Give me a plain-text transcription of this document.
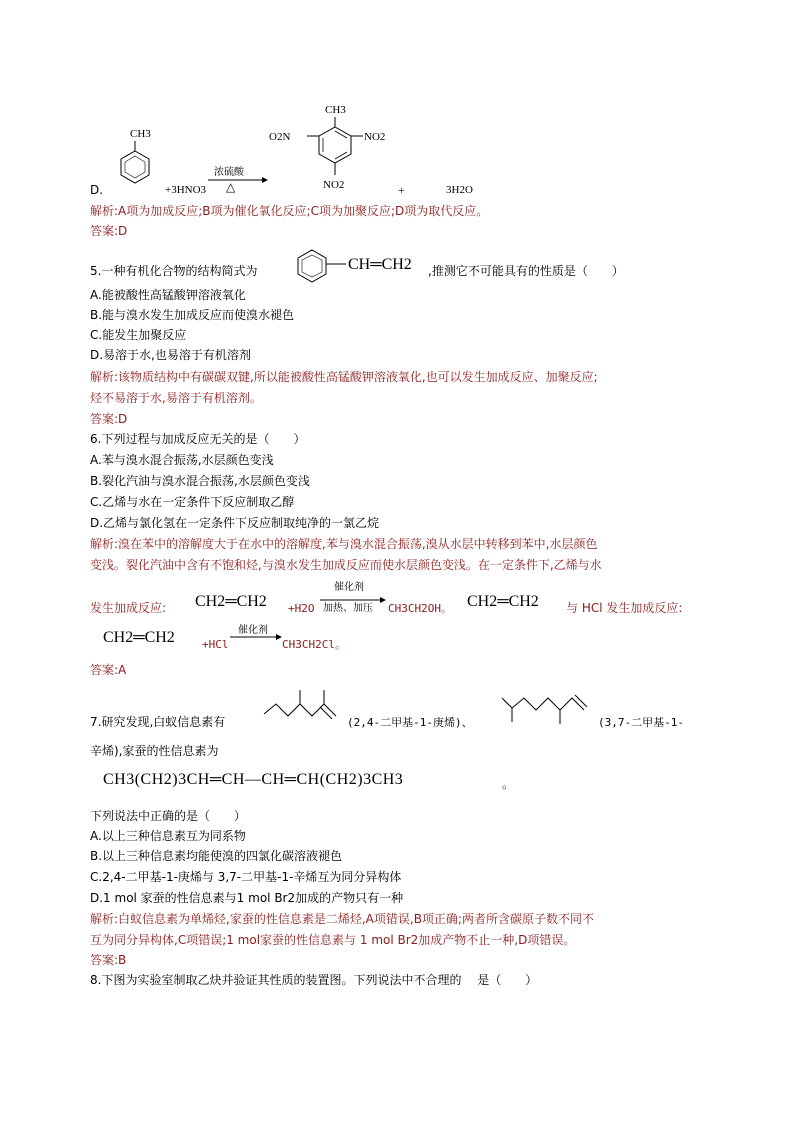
D.
CH3
+3HNO3
浓硫酸
△
CH3
O2N	NO2
NO2	+	3H2O
解析:A项为加成反应;B项为催化氧化反应;C项为加聚反应;D项为取代反应。
答案:D
5.一种有机化合物的结构简式为	CH═CH2 ,推测它不可能具有的性质是（　　）
A.能被酸性高锰酸钾溶液氧化
B.能与溴水发生加成反应而使溴水褪色
C.能发生加聚反应
D.易溶于水,也易溶于有机溶剂
解析:该物质结构中有碳碳双键,所以能被酸性高锰酸钾溶液氧化,也可以发生加成反应、加聚反应;
烃不易溶于水,易溶于有机溶剂。
答案:D
6.下列过程与加成反应无关的是（　　）
A.苯与溴水混合振荡,水层颜色变浅
B.裂化汽油与溴水混合振荡,水层颜色变浅
C.乙烯与水在一定条件下反应制取乙醇
D.乙烯与氯化氢在一定条件下反应制取纯净的一氯乙烷
解析:溴在苯中的溶解度大于在水中的溶解度,苯与溴水混合振荡,溴从水层中转移到苯中,水层颜色
变浅。裂化汽油中含有不饱和烃,与溴水发生加成反应而使水层颜色变浅。在一定条件下,乙烯与水
发生加成反应: CH2═CH2 +H2O
催化剂
加热、加压 CH3CH2OH。 CH2═CH2 与 HCl 发生加成反应:
CH2═CH2 +HCl
催化剂
CH3CH2Cl。
答案:A
7.研究发现,白蚁信息素有	(2,4-二甲基-1-庚烯)、	(3,7-二甲基-1-
辛烯),家蚕的性信息素为
CH3(CH2)3CH═CH—CH═CH(CH2)3CH3	。
下列说法中正确的是（　　）
A.以上三种信息素互为同系物
B.以上三种信息素均能使溴的四氯化碳溶液褪色
C.2,4-二甲基-1-庚烯与 3,7-二甲基-1-辛烯互为同分异构体
D.1 mol 家蚕的性信息素与1 mol Br2加成的产物只有一种
解析:白蚁信息素为单烯烃,家蚕的性信息素是二烯烃,A项错误,B项正确;两者所含碳原子数不同不
互为同分异构体,C项错误;1 mol家蚕的性信息素与 1 mol Br2加成产物不止一种,D项错误。
答案:B
8.下图为实验室制取乙炔并验证其性质的装置图。下列说法中不合理的　 是（　　）
